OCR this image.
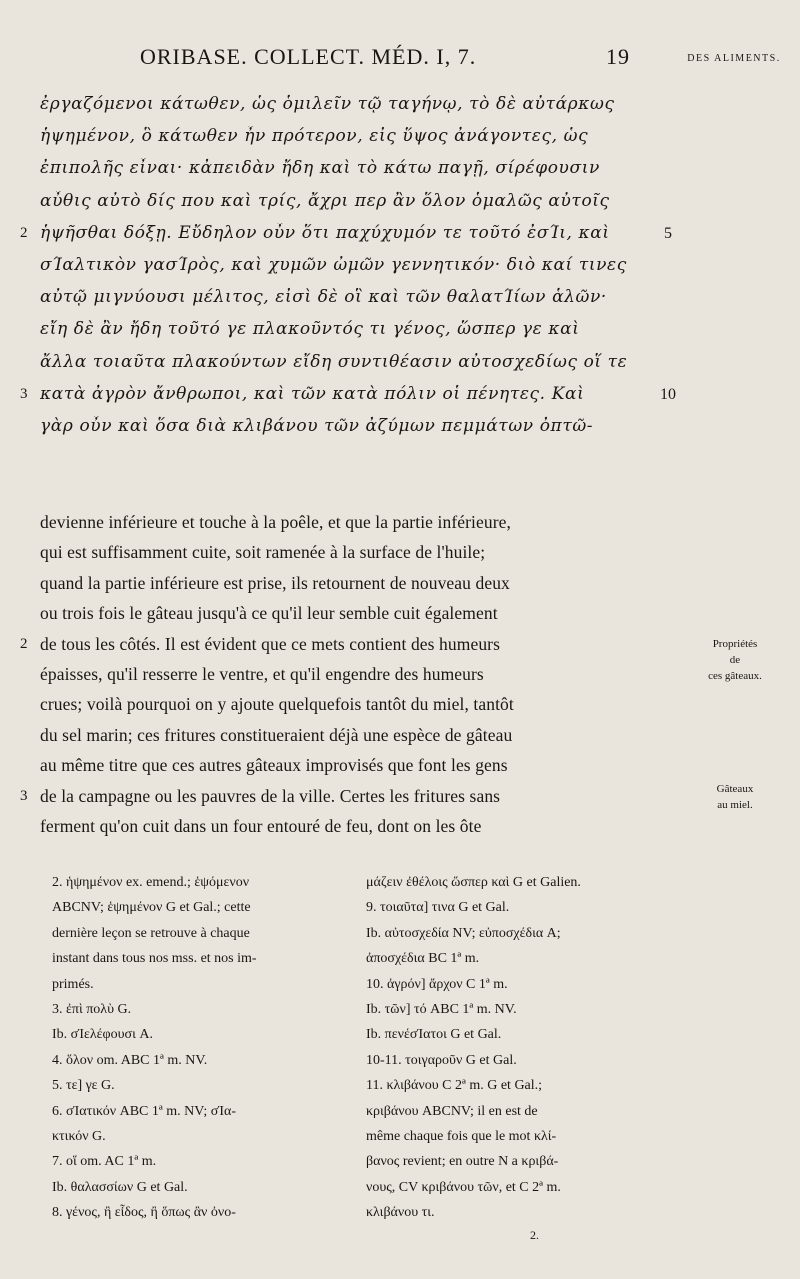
ORIBASE. COLLECT. MÉD. I, 7.	19	DES ALIMENTS.
ἐργαζόμενοι κάτωθεν, ὡς ὁμιλεῖν τῷ ταγήνῳ, τὸ δὲ αὐτάρκως
ἡψημένον, ὃ κάτωθεν ἦν πρότερον, εἰς ὕψος ἀνάγοντες, ὡς
ἐπιπολῆς εἶναι· κἀπειδὰν ἤδη καὶ τὸ κάτω παγῇ, σίρέφουσιν
αὖθις αὐτὸ δίς που καὶ τρίς, ἄχρι περ ἂν ὅλον ὁμαλῶς αὐτοῖς
ἡψῆσθαι δόξῃ. Εὔδηλον οὖν ὅτι παχύχυμόν τε τοῦτό ἐσΊι, καὶ
σΊαλτικὸν γασΊρὸς, καὶ χυμῶν ὠμῶν γεννητικόν· διὸ καί τινες
αὐτῷ μιγνύουσι μέλιτος, εἰσὶ δὲ οἳ καὶ τῶν θαλατΊίων ἁλῶν·
εἴη δὲ ἂν ἤδη τοῦτό γε πλακοῦντός τι γένος, ὥσπερ γε καὶ
ἄλλα τοιαῦτα πλακούντων εἴδη συντιθέασιν αὐτοσχεδίως οἵ τε
κατὰ ἀγρὸν ἄνθρωποι, καὶ τῶν κατὰ πόλιν οἱ πένητες. Καὶ
γὰρ οὖν καὶ ὅσα διὰ κλιβάνου τῶν ἀζύμων πεμμάτων ὀπτῶ-
2
3
5
10
devienne inférieure et touche à la poêle, et que la partie inférieure,
qui est suffisamment cuite, soit ramenée à la surface de l'huile;
quand la partie inférieure est prise, ils retournent de nouveau deux
ou trois fois le gâteau jusqu'à ce qu'il leur semble cuit également
de tous les côtés. Il est évident que ce mets contient des humeurs
épaisses, qu'il resserre le ventre, et qu'il engendre des humeurs
crues; voilà pourquoi on y ajoute quelquefois tantôt du miel, tantôt
du sel marin; ces fritures constitueraient déjà une espèce de gâteau
au même titre que ces autres gâteaux improvisés que font les gens
de la campagne ou les pauvres de la ville. Certes les fritures sans
ferment qu'on cuit dans un four entouré de feu, dont on les ôte
2
3
Propriétés
de
ces gâteaux.
Gâteaux
au miel.
2. ἡψημένον ex. emend.; ἑψόμενον
ABCNV; ἑψημένον G et Gal.; cette
dernière leçon se retrouve à chaque
instant dans tous nos mss. et nos im-
primés.
3. ἐπὶ πολὺ G.
Ib. σΊελέφουσι A.
4. ὅλον om. ABC 1ª m. NV.
5. τε] γε G.
6. σΊατικόν ABC 1ª m. NV; σΊα-
κτικόν G.
7. οἵ om. AC 1ª m.
Ib. θαλασσίων G et Gal.
8. γένος, ἢ εἶδος, ἢ ὅπως ἂν ὀνο-
μάζειν ἐθέλοις ὥσπερ καὶ G et Galien.
9. τοιαῦτα] τινα G et Gal.
Ib. αὐτοσχεδία NV; εὐποσχέδια A;
ἀποσχέδια BC 1ª m.
10. ἀγρόν] ἄρχον C 1ª m.
Ib. τῶν] τό ABC 1ª m. NV.
Ib. πενέσΊατοι G et Gal.
10-11. τοιγαροῦν G et Gal.
11. κλιβάνου C 2ª m. G et Gal.;
κριβάνου ABCNV; il en est de
même chaque fois que le mot κλί-
βανος revient; en outre N a κριβά-
νους, CV κριβάνου τῶν, et C 2ª m.
κλιβάνου τι.
2.
